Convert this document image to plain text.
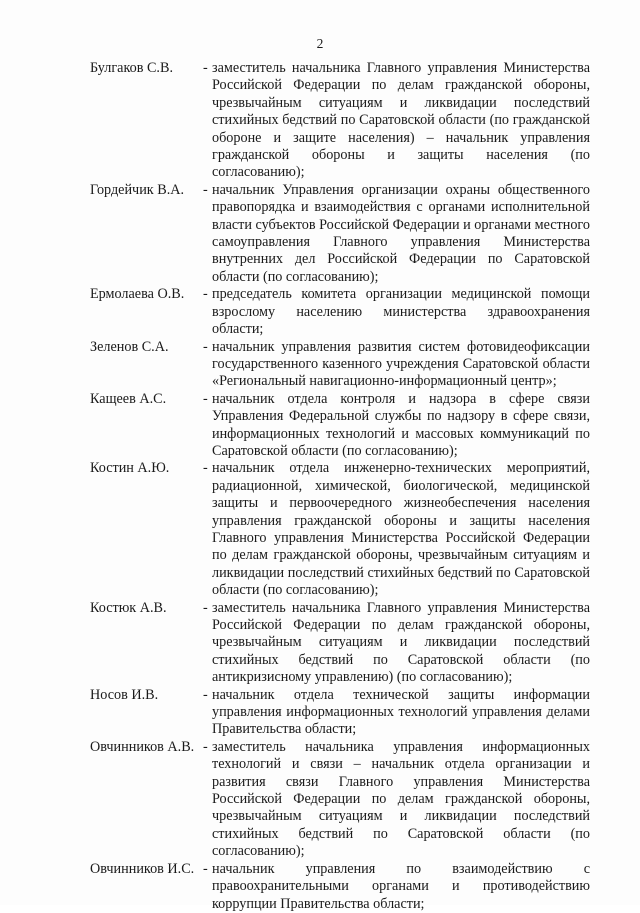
2
Булгаков С.В.	- заместитель начальника Главного управления Министерства Российской Федерации по делам гражданской обороны, чрезвычайным ситуациям и ликвидации последствий стихийных бедствий по Саратовской области (по гражданской обороне и защите населения) – начальник управления гражданской обороны и защиты населения (по согласованию);
Гордейчик В.А.	- начальник Управления организации охраны общественного правопорядка и взаимодействия с органами исполнительной власти субъектов Российской Федерации и органами местного самоуправления Главного управления Министерства внутренних дел Российской Федерации по Саратовской области (по согласованию);
Ермолаева О.В.	- председатель комитета организации медицинской помощи взрослому населению министерства здравоохранения области;
Зеленов С.А.	- начальник управления развития систем фотовидеофиксации государственного казенного учреждения Саратовской области «Региональный навигационно-информационный центр»;
Кащеев А.С.	- начальник отдела контроля и надзора в сфере связи Управления Федеральной службы по надзору в сфере связи, информационных технологий и массовых коммуникаций по Саратовской области (по согласованию);
Костин А.Ю.	- начальник отдела инженерно-технических мероприятий, радиационной, химической, биологической, медицинской защиты и первоочередного жизнеобеспечения населения управления гражданской обороны и защиты населения Главного управления Министерства Российской Федерации по делам гражданской обороны, чрезвычайным ситуациям и ликвидации последствий стихийных бедствий по Саратовской области (по согласованию);
Костюк А.В.	- заместитель начальника Главного управления Министерства Российской Федерации по делам гражданской обороны, чрезвычайным ситуациям и ликвидации последствий стихийных бедствий по Саратовской области (по антикризисному управлению) (по согласованию);
Носов И.В.	- начальник отдела технической защиты информации управления информационных технологий управления делами Правительства области;
Овчинников А.В. - заместитель начальника управления информационных технологий и связи – начальник отдела организации и развития связи Главного управления Министерства Российской Федерации по делам гражданской обороны, чрезвычайным ситуациям и ликвидации последствий стихийных бедствий по Саратовской области (по согласованию);
Овчинников И.С. - начальник управления по взаимодействию с правоохранительными органами и противодействию коррупции Правительства области;
